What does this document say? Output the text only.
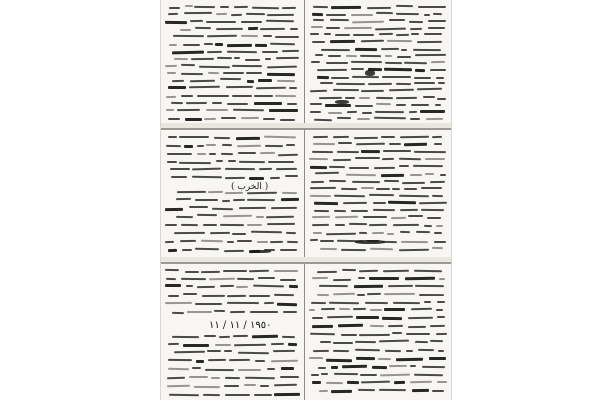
( الخرب )
١٩٥٠ / ١١ / ١١
